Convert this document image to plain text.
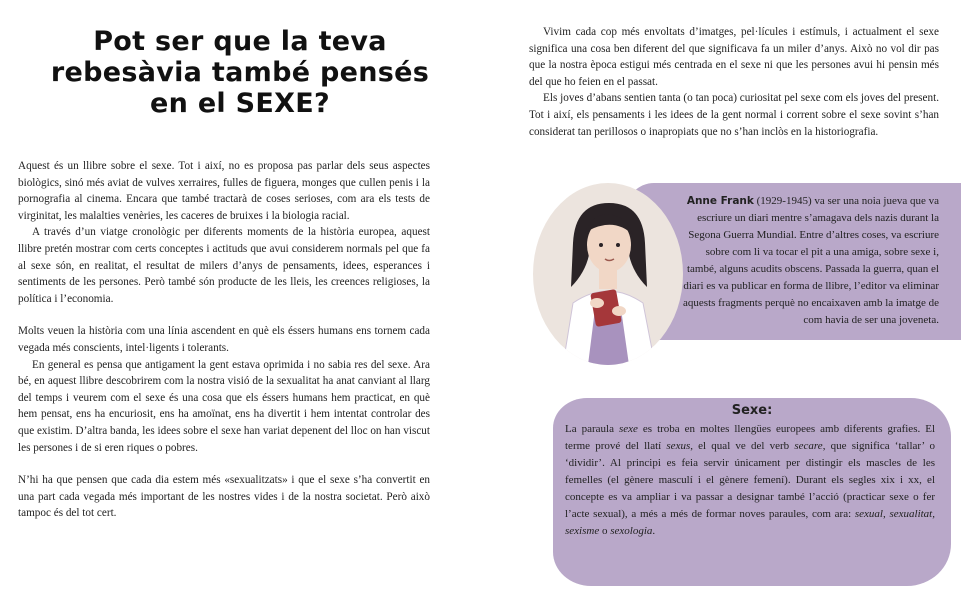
Pot ser que la teva
rebesàvia també pensés
en el SEXE?

Aquest és un llibre sobre el sexe. Tot i així, no es proposa pas parlar dels seus aspectes biològics, sinó més aviat de vulves xerraires, fulles de figuera, monges que cullen penis i la pornografia al cinema. Encara que també tractarà de coses serioses, com ara els tests de virginitat, les malalties venèries, les caceres de bruixes i la biologia racial.

A través d’un viatge cronològic per diferents moments de la història europea, aquest llibre pretén mostrar com certs conceptes i actituds que avui considerem normals pel que fa al sexe són, en realitat, el resultat de milers d’anys de pensaments, idees, esperances i sentiments de les persones. Però també són producte de les lleis, les creences religioses, la política i l’economia.

Molts veuen la història com una línia ascendent en què els éssers humans ens tornem cada vegada més conscients, intel·ligents i tolerants.

En general es pensa que antigament la gent estava oprimida i no sabia res del sexe. Ara bé, en aquest llibre descobrirem com la nostra visió de la sexualitat ha anat canviant al llarg del temps i veurem com el sexe és una cosa que els éssers humans hem practicat, en què hem pensat, ens ha encuriosit, ens ha amoïnat, ens ha divertit i hem intentat controlar des que existim. D’altra banda, les idees sobre el sexe han variat depenent del lloc on han viscut les persones i de si eren riques o pobres.

N’hi ha que pensen que cada dia estem més «sexualitzats» i que el sexe s’ha convertit en una part cada vegada més important de les nostres vides i de la nostra societat. Però això tampoc és del tot cert.

Vivim cada cop més envoltats d’imatges, pel·lícules i estímuls, i actualment el sexe significa una cosa ben diferent del que significava fa un miler d’anys. Això no vol dir pas que la nostra època estigui més centrada en el sexe ni que les persones avui hi pensin més del que ho feien en el passat.

Els joves d’abans sentien tanta (o tan poca) curiositat pel sexe com els joves del present. Tot i així, els pensaments i les idees de la gent normal i corrent sobre el sexe sovint s’han considerat tan perillosos o inapropiats que no s’han inclòs en la historiografia.

Anne Frank (1929-1945) va ser una noia jueva que va escriure un diari mentre s’amagava dels nazis durant la Segona Guerra Mundial. Entre d’altres coses, va escriure sobre com li va tocar el pit a una amiga, sobre sexe i, també, alguns acudits obscens. Passada la guerra, quan el diari es va publicar en forma de llibre, l’editor va eliminar aquests fragments perquè no encaixaven amb la imatge de com havia de ser una joveneta.
Sexe:
La paraula sexe es troba en moltes llengües europees amb diferents grafies. El terme prové del llatí sexus, el qual ve del verb secare, que significa ‘tallar’ o ‘dividir’. Al principi es feia servir únicament per distingir els mascles de les femelles (el gènere masculí i el gènere femení). Durant els segles xix i xx, el concepte es va ampliar i va passar a designar també l’acció (practicar sexe o fer l’acte sexual), a més a més de formar noves paraules, com ara: sexual, sexualitat, sexisme o sexologia.
